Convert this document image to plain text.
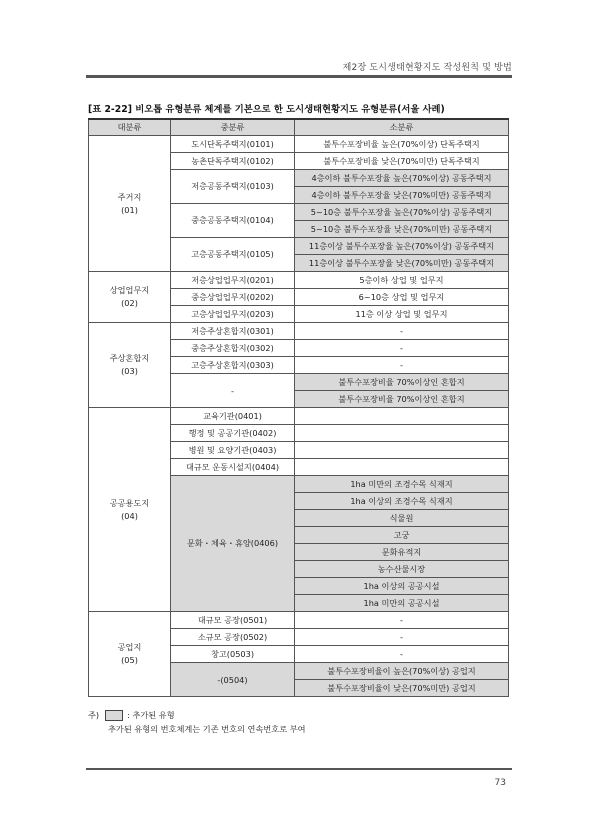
제2장 도시생태현황지도 작성원칙 및 방법
[표 2-22] 비오톱 유형분류 체계를 기본으로 한 도시생태현황지도 유형분류(서울 사례)
대분류	중분류	소분류
주거지
(01)	도시단독주택지(0101)	불투수포장비율 높은(70%이상) 단독주택지
	농촌단독주택지(0102)	불투수포장비율 낮은(70%미만) 단독주택지
	저층공동주택지(0103)	4층이하 불투수포장율 높은(70%이상) 공동주택지
		4층이하 불투수포장율 낮은(70%미만) 공동주택지
	중층공동주택지(0104)	5~10층 불투수포장율 높은(70%이상) 공동주택지
		5~10층 불투수포장율 낮은(70%미만) 공동주택지
	고층공동주택지(0105)	11층이상 불투수포장율 높은(70%이상) 공동주택지
		11층이상 불투수포장율 낮은(70%미만) 공동주택지
상업업무지
(02)	저층상업업무지(0201)	5층이하 상업 및 업무지
	중층상업업무지(0202)	6~10층 상업 및 업무지
	고층상업업무지(0203)	11층 이상 상업 및 업무지
주상혼합지
(03)	저층주상혼합지(0301)	-
	중층주상혼합지(0302)	-
	고층주상혼합지(0303)	-
	-	불투수포장비율 70%이상인 혼합지
		불투수포장비율 70%이상인 혼합지
공공용도지
(04)	교육기관(0401)	
	행정 및 공공기관(0402)	
	병원 및 요양기관(0403)	
	대규모 운동시설지(0404)	
	문화・체육・휴양(0406)	1ha 미만의 조경수목 식재지
		1ha 이상의 조경수목 식재지
		식물원
		고궁
		문화유적지
		농수산물시장
		1ha 이상의 공공시설
		1ha 미만의 공공시설
공업지
(05)	대규모 공장(0501)	-
	소규모 공장(0502)	-
	창고(0503)	-
	-(0504)	불투수포장비율이 높은(70%이상) 공업지
		불투수포장비율이 낮은(70%미만) 공업지
주)	: 추가된 유형
추가된 유형의 번호체계는 기존 번호의 연속번호로 부여
73
